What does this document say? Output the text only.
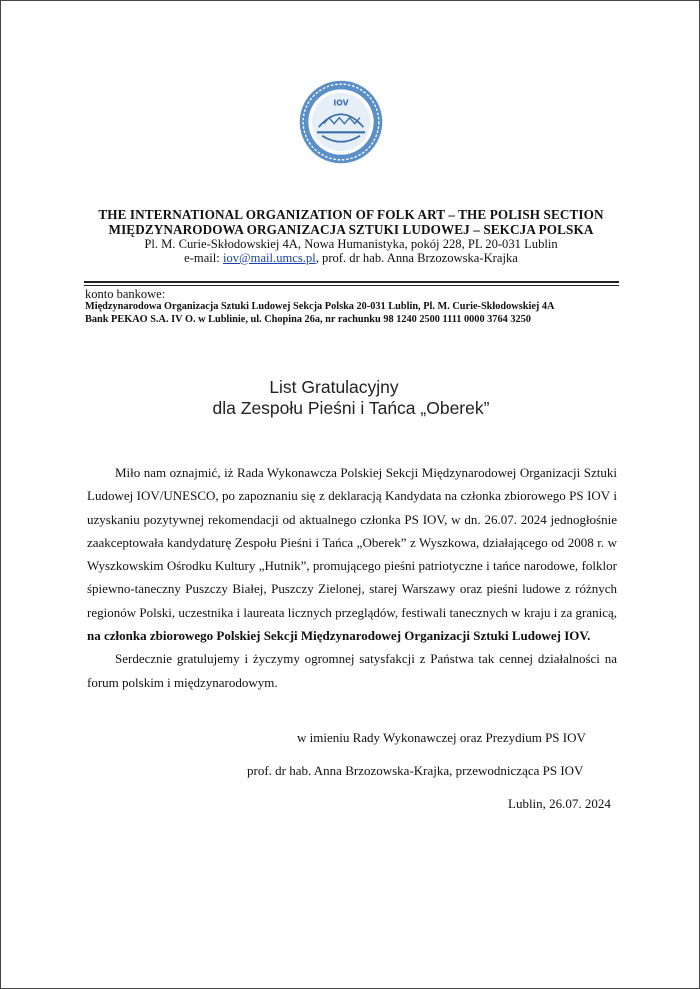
IOV
THE INTERNATIONAL ORGANIZATION OF FOLK ART – THE POLISH SECTION
MIĘDZYNARODOWA ORGANIZACJA SZTUKI LUDOWEJ – SEKCJA POLSKA
Pl. M. Curie-Skłodowskiej 4A, Nowa Humanistyka, pokój 228, PL 20-031 Lublin
e-mail: iov@mail.umcs.pl, prof. dr hab. Anna Brzozowska-Krajka
konto bankowe:
Międzynarodowa Organizacja Sztuki Ludowej Sekcja Polska 20-031 Lublin, Pl. M. Curie-Skłodowskiej 4A
Bank PEKAO S.A. IV O. w Lublinie, ul. Chopina 26a, nr rachunku 98 1240 2500 1111 0000 3764 3250
List Gratulacyjny
dla Zespołu Pieśni i Tańca „Oberek”

Miło nam oznajmić, iż Rada Wykonawcza Polskiej Sekcji Międzynarodowej Organizacji Sztuki Ludowej IOV/UNESCO, po zapoznaniu się z deklaracją Kandydata na członka zbiorowego PS IOV i uzyskaniu pozytywnej rekomendacji od aktualnego członka PS IOV, w dn. 26.07. 2024 jednogłośnie zaakceptowała kandydaturę Zespołu Pieśni i Tańca „Oberek” z Wyszkowa, działającego od 2008 r. w Wyszkowskim Ośrodku Kultury „Hutnik”, promującego pieśni patriotyczne i tańce narodowe, folklor śpiewno-taneczny Puszczy Białej, Puszczy Zielonej, starej Warszawy oraz pieśni ludowe z różnych regionów Polski, uczestnika i laureata licznych przeglądów, festiwali tanecznych w kraju i za granicą, na członka zbiorowego Polskiej Sekcji Międzynarodowej Organizacji Sztuki Ludowej IOV.

Serdecznie gratulujemy i życzymy ogromnej satysfakcji z Państwa tak cennej działalności na forum polskim i międzynarodowym.

w imieniu Rady Wykonawczej oraz Prezydium PS IOV
prof. dr hab. Anna Brzozowska-Krajka, przewodnicząca PS IOV
Lublin, 26.07. 2024
